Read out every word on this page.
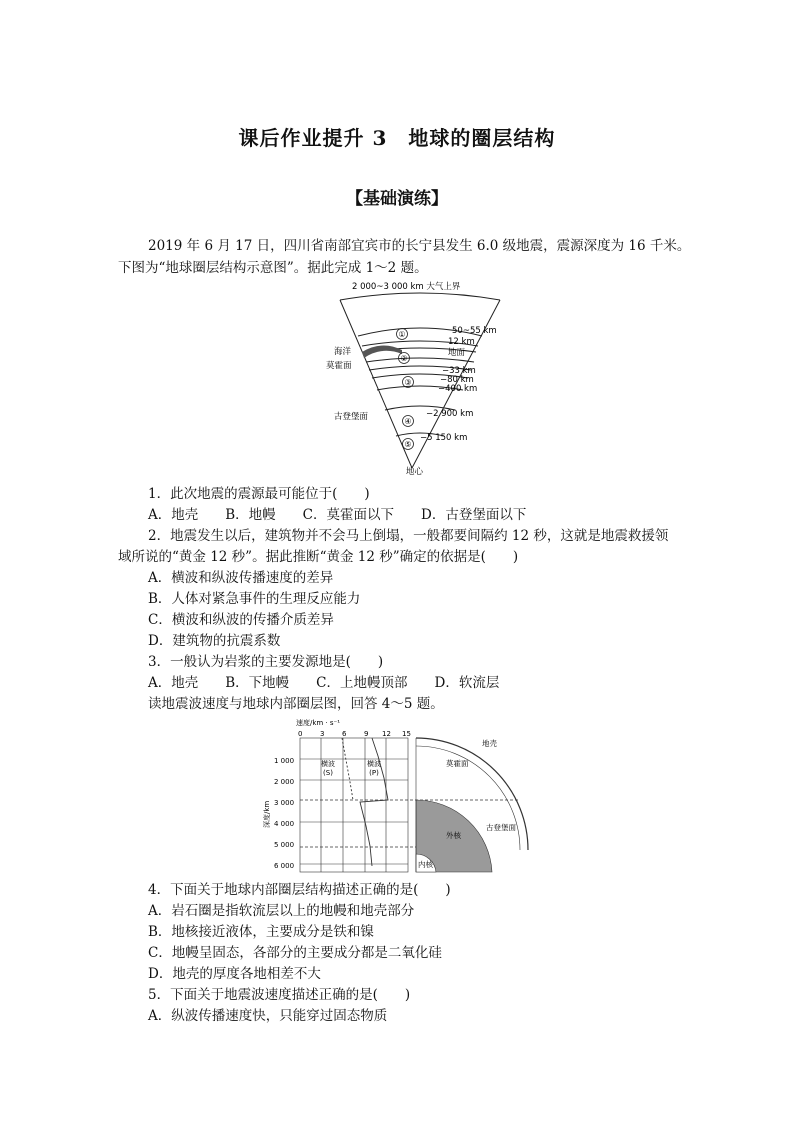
课后作业提升 3　地球的圈层结构
【基础演练】
2019 年 6 月 17 日，四川省南部宜宾市的长宁县发生 6.0 级地震，震源深度为 16 千米。
下图为“地球圈层结构示意图”。据此完成 1～2 题。
①
②
③
④
⑤
2 000~3 000 km 大气上界
50~55 km
12 km
地面
−33 km
−80 km
−400 km
−2 900 km
−5 150 km
海洋
莫霍面
古登堡面
地心
1．此次地震的震源最可能位于(　　)
A．地壳　　B．地幔　　C．莫霍面以下　　D．古登堡面以下
2．地震发生以后，建筑物并不会马上倒塌，一般都要间隔约 12 秒，这就是地震救援领
域所说的“黄金 12 秒”。据此推断“黄金 12 秒”确定的依据是(　　)
A．横波和纵波传播速度的差异
B．人体对紧急事件的生理反应能力
C．横波和纵波的传播介质差异
D．建筑物的抗震系数
3．一般认为岩浆的主要发源地是(　　)
A．地壳　　B．下地幔　　C．上地幔顶部　　D．软流层
读地震波速度与地球内部圈层图，回答 4～5 题。
速度/km · s⁻¹
0	3	6	9 12 15
1 000
2 000
3 000
4 000
5 000
6 000
深度/km
横波
(S)
横波
(P)
地壳
莫霍面
外核
古登堡面
内核
4．下面关于地球内部圈层结构描述正确的是(　　)
A．岩石圈是指软流层以上的地幔和地壳部分
B．地核接近液体，主要成分是铁和镍
C．地幔呈固态，各部分的主要成分都是二氧化硅
D．地壳的厚度各地相差不大
5．下面关于地震波速度描述正确的是(　　)
A．纵波传播速度快，只能穿过固态物质
